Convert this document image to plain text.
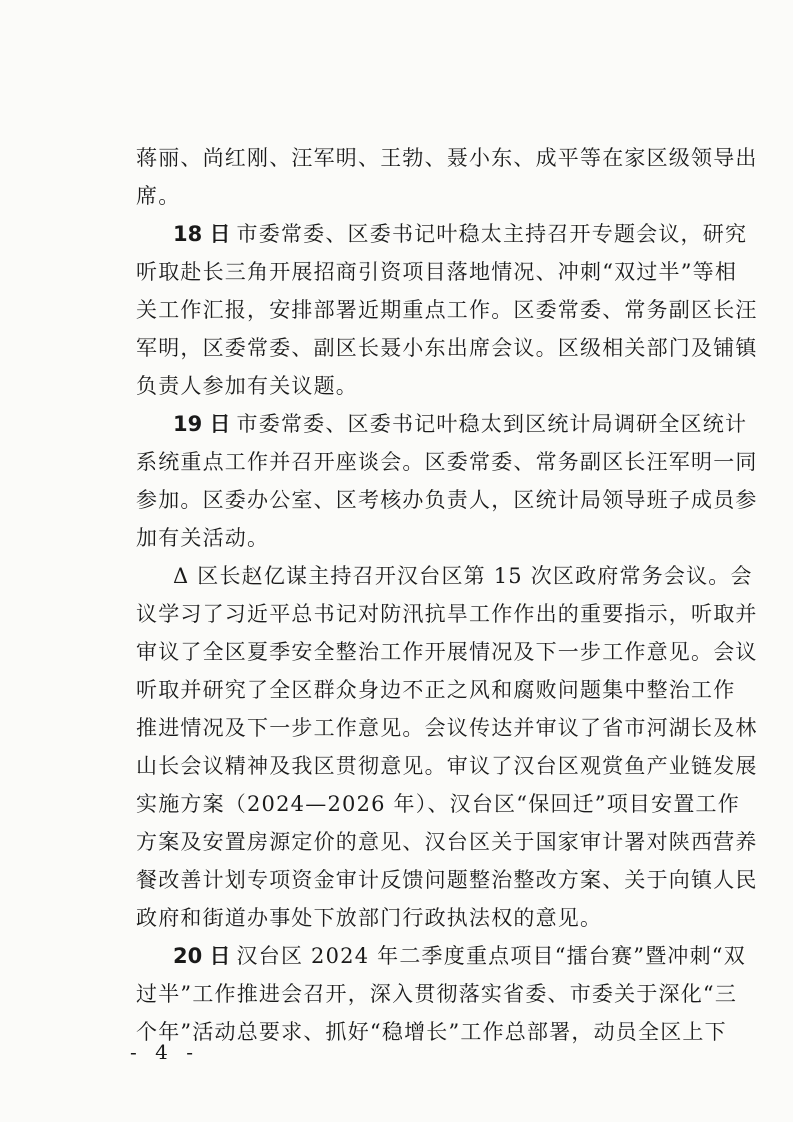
蒋丽、尚红刚、汪军明、王勃、聂小东、成平等在家区级领导出
席。
18 日 市委常委、区委书记叶稳太主持召开专题会议，研究
听取赴长三角开展招商引资项目落地情况、冲刺“双过半”等相
关工作汇报，安排部署近期重点工作。区委常委、常务副区长汪
军明，区委常委、副区长聂小东出席会议。区级相关部门及铺镇
负责人参加有关议题。
19 日 市委常委、区委书记叶稳太到区统计局调研全区统计
系统重点工作并召开座谈会。区委常委、常务副区长汪军明一同
参加。区委办公室、区考核办负责人，区统计局领导班子成员参
加有关活动。
Δ 区长赵亿谋主持召开汉台区第 15 次区政府常务会议。会
议学习了习近平总书记对防汛抗旱工作作出的重要指示，听取并
审议了全区夏季安全整治工作开展情况及下一步工作意见。会议
听取并研究了全区群众身边不正之风和腐败问题集中整治工作
推进情况及下一步工作意见。会议传达并审议了省市河湖长及林
山长会议精神及我区贯彻意见。审议了汉台区观赏鱼产业链发展
实施方案（2024—2026 年）、汉台区“保回迁”项目安置工作
方案及安置房源定价的意见、汉台区关于国家审计署对陕西营养
餐改善计划专项资金审计反馈问题整治整改方案、关于向镇人民
政府和街道办事处下放部门行政执法权的意见。
20 日 汉台区 2024 年二季度重点项目“擂台赛”暨冲刺“双
过半”工作推进会召开，深入贯彻落实省委、市委关于深化“三
个年”活动总要求、抓好“稳增长”工作总部署，动员全区上下
- 4 -
